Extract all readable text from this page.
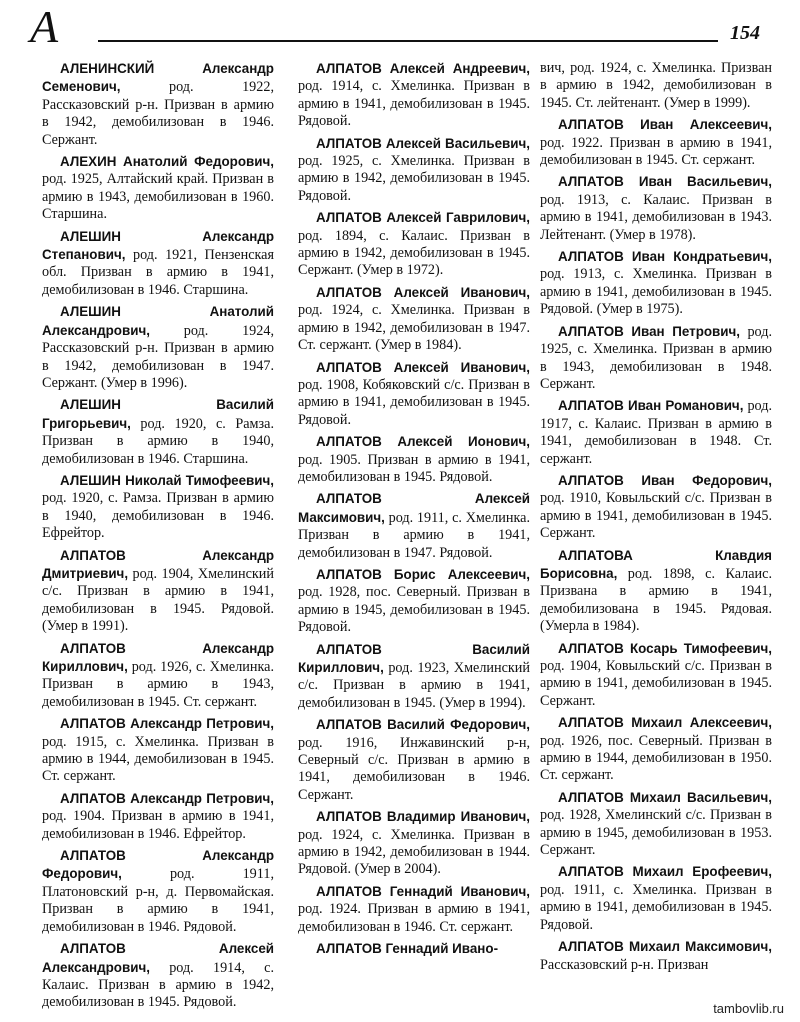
А	154

АЛЕНИНСКИЙ Александр Семенович, род. 1922, Рассказовский р-н. Призван в армию в 1942, демобилизован в 1946. Сержант.

АЛЕХИН Анатолий Федорович, род. 1925, Алтайский край. Призван в армию в 1943, демобилизован в 1960. Старшина.

АЛЕШИН Александр Степанович, род. 1921, Пензенская обл. Призван в армию в 1941, демобилизован в 1946. Старшина.

АЛЕШИН Анатолий Александрович, род. 1924, Рассказовский р-н. Призван в армию в 1942, демобилизован в 1947. Сержант. (Умер в 1996).

АЛЕШИН Василий Григорьевич, род. 1920, с. Рамза. Призван в армию в 1940, демобилизован в 1946. Старшина.

АЛЕШИН Николай Тимофеевич, род. 1920, с. Рамза. Призван в армию в 1940, демобилизован в 1946. Ефрейтор.

АЛПАТОВ Александр Дмитриевич, род. 1904, Хмелинский с/с. Призван в армию в 1941, демобилизован в 1945. Рядовой. (Умер в 1991).

АЛПАТОВ Александр Кириллович, род. 1926, с. Хмелинка. Призван в армию в 1943, демобилизован в 1945. Ст. сержант.

АЛПАТОВ Александр Петрович, род. 1915, с. Хмелинка. Призван в армию в 1944, демобилизован в 1945. Ст. сержант.

АЛПАТОВ Александр Петрович, род. 1904. Призван в армию в 1941, демобилизован в 1946. Ефрейтор.

АЛПАТОВ Александр Федорович, род. 1911, Платоновский р-н, д. Первомайская. Призван в армию в 1941, демобилизован в 1946. Рядовой.

АЛПАТОВ Алексей Александрович, род. 1914, с. Калаис. Призван в армию в 1942, демобилизован в 1945. Рядовой.

АЛПАТОВ Алексей Андреевич, род. 1914, с. Хмелинка. Призван в армию в 1941, демобилизован в 1945. Рядовой.

АЛПАТОВ Алексей Васильевич, род. 1925, с. Хмелинка. Призван в армию в 1942, демобилизован в 1945. Рядовой.

АЛПАТОВ Алексей Гаврилович, род. 1894, с. Калаис. Призван в армию в 1942, демобилизован в 1945. Сержант. (Умер в 1972).

АЛПАТОВ Алексей Иванович, род. 1924, с. Хмелинка. Призван в армию в 1942, демобилизован в 1947. Ст. сержант. (Умер в 1984).

АЛПАТОВ Алексей Иванович, род. 1908, Кобяковский с/с. Призван в армию в 1941, демобилизован в 1945. Рядовой.

АЛПАТОВ Алексей Ионович, род. 1905. Призван в армию в 1941, демобилизован в 1945. Рядовой.

АЛПАТОВ Алексей Максимович, род. 1911, с. Хмелинка. Призван в армию в 1941, демобилизован в 1947. Рядовой.

АЛПАТОВ Борис Алексеевич, род. 1928, пос. Северный. Призван в армию в 1945, демобилизован в 1945. Рядовой.

АЛПАТОВ Василий Кириллович, род. 1923, Хмелинский с/с. Призван в армию в 1941, демобилизован в 1945. (Умер в 1994).

АЛПАТОВ Василий Федорович, род. 1916, Инжавинский р-н, Северный с/с. Призван в армию в 1941, демобилизован в 1946. Сержант.

АЛПАТОВ Владимир Иванович, род. 1924, с. Хмелинка. Призван в армию в 1942, демобилизован в 1944. Рядовой. (Умер в 2004).

АЛПАТОВ Геннадий Иванович, род. 1924. Призван в армию в 1941, демобилизован в 1946. Ст. сержант.

АЛПАТОВ Геннадий Ивано-

вич, род. 1924, с. Хмелинка. Призван в армию в 1942, демобилизован в 1945. Ст. лейтенант. (Умер в 1999).

АЛПАТОВ Иван Алексеевич, род. 1922. Призван в армию в 1941, демобилизован в 1945. Ст. сержант.

АЛПАТОВ Иван Васильевич, род. 1913, с. Калаис. Призван в армию в 1941, демобилизован в 1943. Лейтенант. (Умер в 1978).

АЛПАТОВ Иван Кондратьевич, род. 1913, с. Хмелинка. Призван в армию в 1941, демобилизован в 1945. Рядовой. (Умер в 1975).

АЛПАТОВ Иван Петрович, род. 1925, с. Хмелинка. Призван в армию в 1943, демобилизован в 1948. Сержант.

АЛПАТОВ Иван Романович, род. 1917, с. Калаис. Призван в армию в 1941, демобилизован в 1948. Ст. сержант.

АЛПАТОВ Иван Федорович, род. 1910, Ковыльский с/с. Призван в армию в 1941, демобилизован в 1945. Сержант.

АЛПАТОВА Клавдия Борисовна, род. 1898, с. Калаис. Призвана в армию в 1941, демобилизована в 1945. Рядовая. (Умерла в 1984).

АЛПАТОВ Косарь Тимофеевич, род. 1904, Ковыльский с/с. Призван в армию в 1941, демобилизован в 1945. Сержант.

АЛПАТОВ Михаил Алексеевич, род. 1926, пос. Северный. Призван в армию в 1944, демобилизован в 1950. Ст. сержант.

АЛПАТОВ Михаил Васильевич, род. 1928, Хмелинский с/с. Призван в армию в 1945, демобилизован в 1953. Сержант.

АЛПАТОВ Михаил Ерофеевич, род. 1911, с. Хмелинка. Призван в армию в 1941, демобилизован в 1945. Рядовой.

АЛПАТОВ Михаил Максимович, Рассказовский р-н. Призван

tambovlib.ru
